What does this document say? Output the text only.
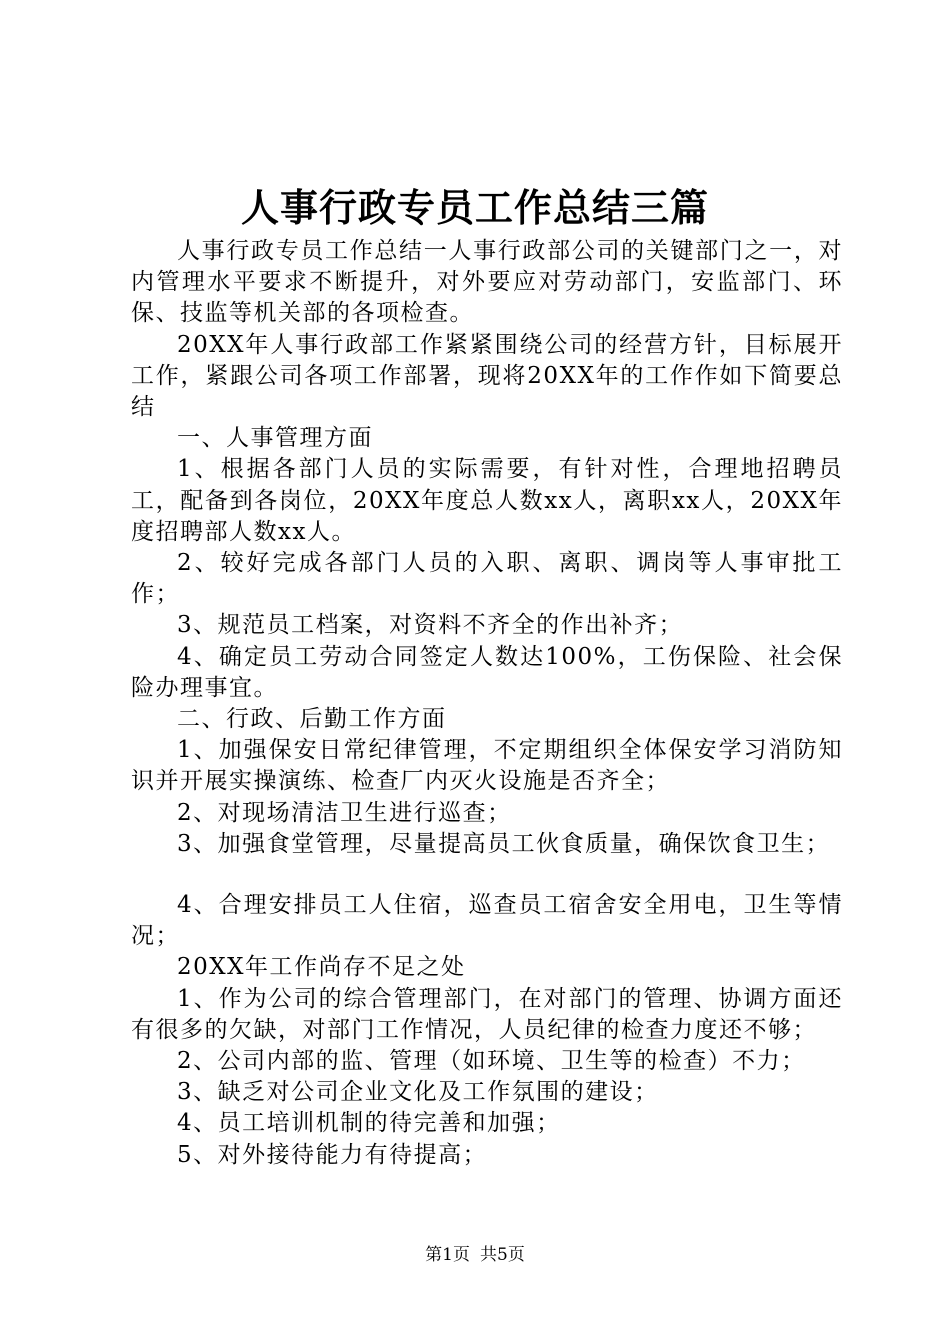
人事行政专员工作总结三篇

人事行政专员工作总结一人事行政部公司的关键部门之一，对内管理水平要求不断提升，对外要应对劳动部门，安监部门、环保、技监等机关部的各项检查。

20XX年人事行政部工作紧紧围绕公司的经营方针，目标展开工作，紧跟公司各项工作部署，现将20XX年的工作作如下简要总结

一、人事管理方面

1、根据各部门人员的实际需要，有针对性，合理地招聘员工，配备到各岗位，20XX年度总人数xx人，离职xx人，20XX年度招聘部人数xx人。

2、较好完成各部门人员的入职、离职、调岗等人事审批工作；

3、规范员工档案，对资料不齐全的作出补齐；

4、确定员工劳动合同签定人数达100%，工伤保险、社会保险办理事宜。

二、行政、后勤工作方面

1、加强保安日常纪律管理，不定期组织全体保安学习消防知识并开展实操演练、检查厂内灭火设施是否齐全；

2、对现场清洁卫生进行巡查；

3、加强食堂管理，尽量提高员工伙食质量，确保饮食卫生；

4、合理安排员工人住宿，巡查员工宿舍安全用电，卫生等情况；

20XX年工作尚存不足之处

1、作为公司的综合管理部门，在对部门的管理、协调方面还有很多的欠缺，对部门工作情况，人员纪律的检查力度还不够；

2、公司内部的监、管理（如环境、卫生等的检查）不力；

3、缺乏对公司企业文化及工作氛围的建设；

4、员工培训机制的待完善和加强；

5、对外接待能力有待提高；

第1页 共5页
